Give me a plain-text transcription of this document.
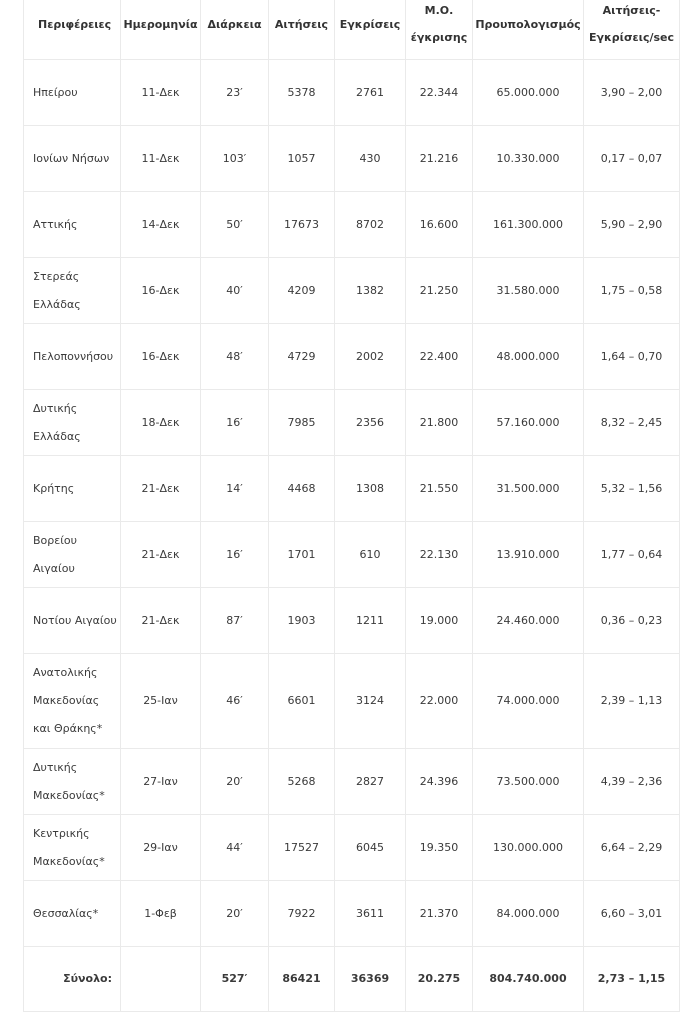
Περιφέρειες	Ημερομηνία	Διάρκεια	Αιτήσεις	Εγκρίσεις	Μ.Ο. έγκρισης	Προυπολογισμός	Αιτήσεις- Εγκρίσεις/sec
Ηπείρου	11-Δεκ	23′	5378	2761	22.344	65.000.000	3,90 – 2,00
Ιονίων Νήσων	11-Δεκ	103′	1057	430	21.216	10.330.000	0,17 – 0,07
Αττικής	14-Δεκ	50′	17673	8702	16.600	161.300.000	5,90 – 2,90
Στερεάς Ελλάδας	16-Δεκ	40′	4209	1382	21.250	31.580.000	1,75 – 0,58
Πελοποννήσου	16-Δεκ	48′	4729	2002	22.400	48.000.000	1,64 – 0,70
Δυτικής Ελλάδας	18-Δεκ	16′	7985	2356	21.800	57.160.000	8,32 – 2,45
Κρήτης	21-Δεκ	14′	4468	1308	21.550	31.500.000	5,32 – 1,56
Βορείου Αιγαίου	21-Δεκ	16′	1701	610	22.130	13.910.000	1,77 – 0,64
Νοτίου Αιγαίου	21-Δεκ	87′	1903	1211	19.000	24.460.000	0,36 – 0,23
Ανατολικής Μακεδονίας και Θράκης*	25-Ιαν	46′	6601	3124	22.000	74.000.000	2,39 – 1,13
Δυτικής Μακεδονίας*	27-Ιαν	20′	5268	2827	24.396	73.500.000	4,39 – 2,36
Κεντρικής Μακεδονίας*	29-Ιαν	44′	17527	6045	19.350	130.000.000	6,64 – 2,29
Θεσσαλίας*	1-Φεβ	20′	7922	3611	21.370	84.000.000	6,60 – 3,01
Σύνολο:		527′	86421	36369	20.275	804.740.000	2,73 – 1,15
